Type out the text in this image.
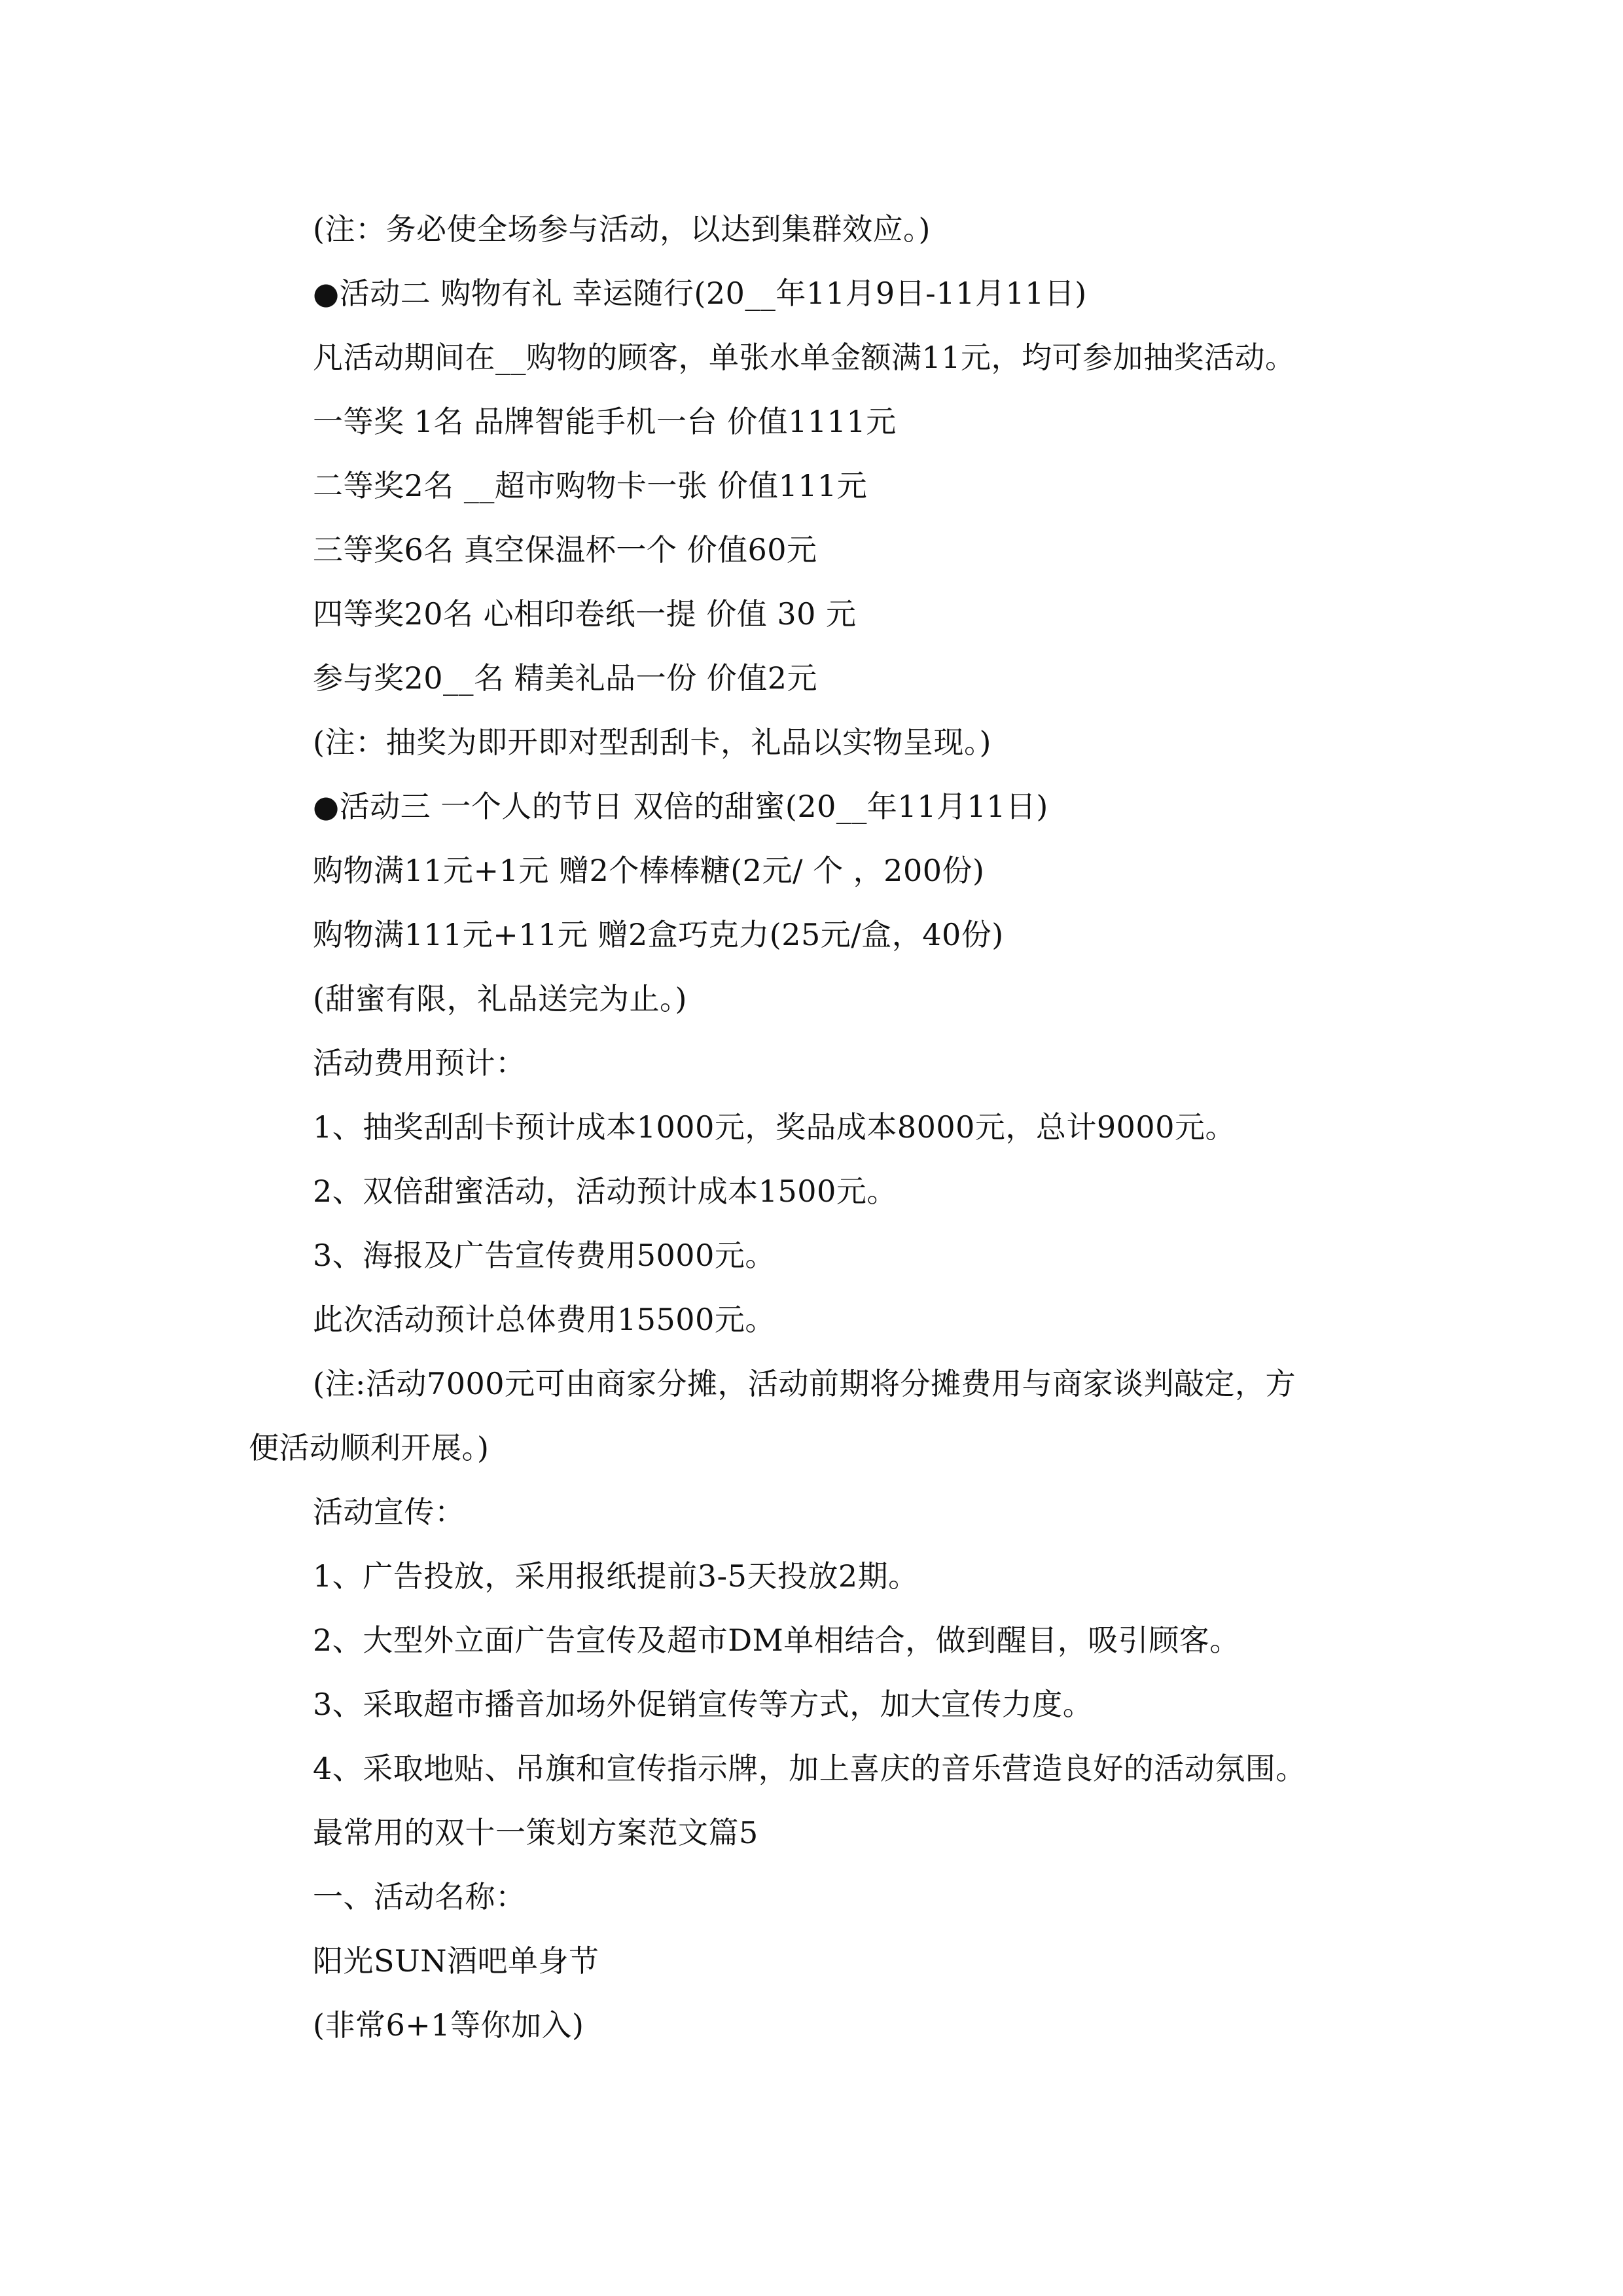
(注：务必使全场参与活动，以达到集群效应。)
●活动二 购物有礼 幸运随行(20__年11月9日-11月11日)
凡活动期间在__购物的顾客，单张水单金额满11元，均可参加抽奖活动。
一等奖 1名 品牌智能手机一台 价值1111元
二等奖2名 __超市购物卡一张 价值111元
三等奖6名 真空保温杯一个 价值60元
四等奖20名 心相印卷纸一提 价值 30 元
参与奖20__名 精美礼品一份 价值2元
(注：抽奖为即开即对型刮刮卡，礼品以实物呈现。)
●活动三 一个人的节日 双倍的甜蜜(20__年11月11日)
购物满11元+1元 赠2个棒棒糖(2元/ 个 ，200份)
购物满111元+11元 赠2盒巧克力(25元/盒，40份)
(甜蜜有限，礼品送完为止。)
活动费用预计：
1、抽奖刮刮卡预计成本1000元，奖品成本8000元，总计9000元。
2、双倍甜蜜活动，活动预计成本1500元。
3、海报及广告宣传费用5000元。
此次活动预计总体费用15500元。
(注:活动7000元可由商家分摊，活动前期将分摊费用与商家谈判敲定，方
便活动顺利开展。)
活动宣传：
1、广告投放，采用报纸提前3-5天投放2期。
2、大型外立面广告宣传及超市DM单相结合，做到醒目，吸引顾客。
3、采取超市播音加场外促销宣传等方式，加大宣传力度。
4、采取地贴、吊旗和宣传指示牌，加上喜庆的音乐营造良好的活动氛围。
最常用的双十一策划方案范文篇5
一、活动名称：
阳光SUN酒吧单身节
(非常6+1等你加入)
